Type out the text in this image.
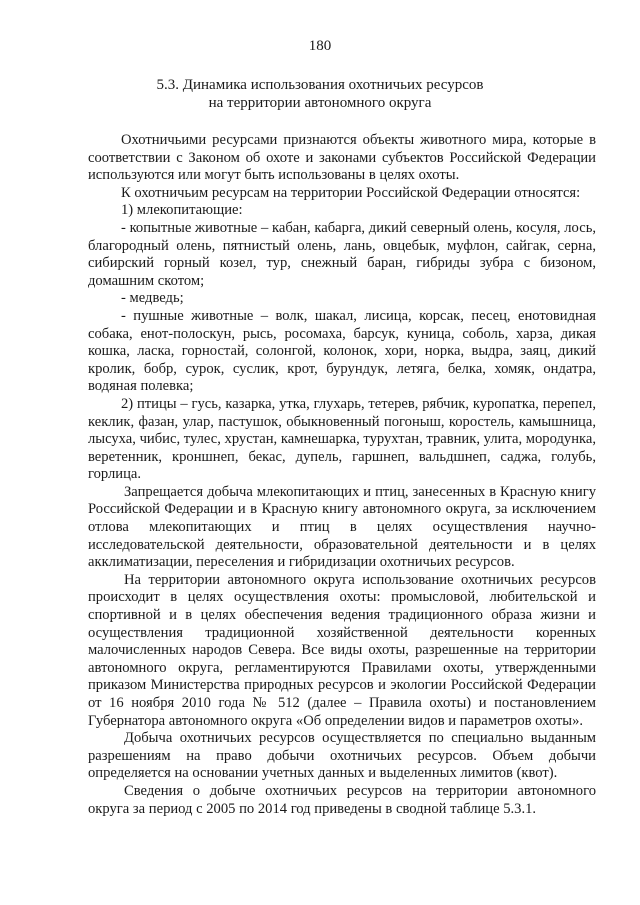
180
5.3. Динамика использования охотничьих ресурсов
на территории автономного округа

Охотничьими ресурсами признаются объекты животного мира, которые в соответствии с Законом об охоте и законами субъектов Российской Федерации используются или могут быть использованы в целях охоты.

К охотничьим ресурсам на территории Российской Федерации относятся:

1) млекопитающие:

- копытные животные – кабан, кабарга, дикий северный олень, косуля, лось, благородный олень, пятнистый олень, лань, овцебык, муфлон, сайгак, серна, сибирский горный козел, тур, снежный баран, гибриды зубра с бизоном, домашним скотом;

- медведь;

- пушные животные – волк, шакал, лисица, корсак, песец, енотовидная собака, енот-полоскун, рысь, росомаха, барсук, куница, соболь, харза, дикая кошка, ласка, горностай, солонгой, колонок, хори, норка, выдра, заяц, дикий кролик, бобр, сурок, суслик, крот, бурундук, летяга, белка, хомяк, ондатра, водяная полевка;

2) птицы – гусь, казарка, утка, глухарь, тетерев, рябчик, куропатка, перепел, кеклик, фазан, улар, пастушок, обыкновенный погоныш, коростель, камышница, лысуха, чибис, тулес, хрустан, камнешарка, турухтан, травник, улита, мородунка, веретенник, кроншнеп, бекас, дупель, гаршнеп, вальдшнеп, саджа, голубь, горлица.

Запрещается добыча млекопитающих и птиц, занесенных в Красную книгу Российской Федерации и в Красную книгу автономного округа, за исключением отлова млекопитающих и птиц в целях осуществления научно-исследовательской деятельности, образовательной деятельности и в целях акклиматизации, переселения и гибридизации охотничьих ресурсов.

На территории автономного округа использование охотничьих ресурсов происходит в целях осуществления охоты: промысловой, любительской и спортивной и в целях обеспечения ведения традиционного образа жизни и осуществления традиционной хозяйственной деятельности коренных малочисленных народов Севера. Все виды охоты, разрешенные на территории автономного округа, регламентируются Правилами охоты, утвержденными приказом Министерства природных ресурсов и экологии Российской Федерации от 16 ноября 2010 года № 512 (далее – Правила охоты) и постановлением Губернатора автономного округа «Об определении видов и параметров охоты».

Добыча охотничьих ресурсов осуществляется по специально выданным разрешениям на право добычи охотничьих ресурсов. Объем добычи определяется на основании учетных данных и выделенных лимитов (квот).

Сведения о добыче охотничьих ресурсов на территории автономного округа за период с 2005 по 2014 год приведены в сводной таблице 5.3.1.
